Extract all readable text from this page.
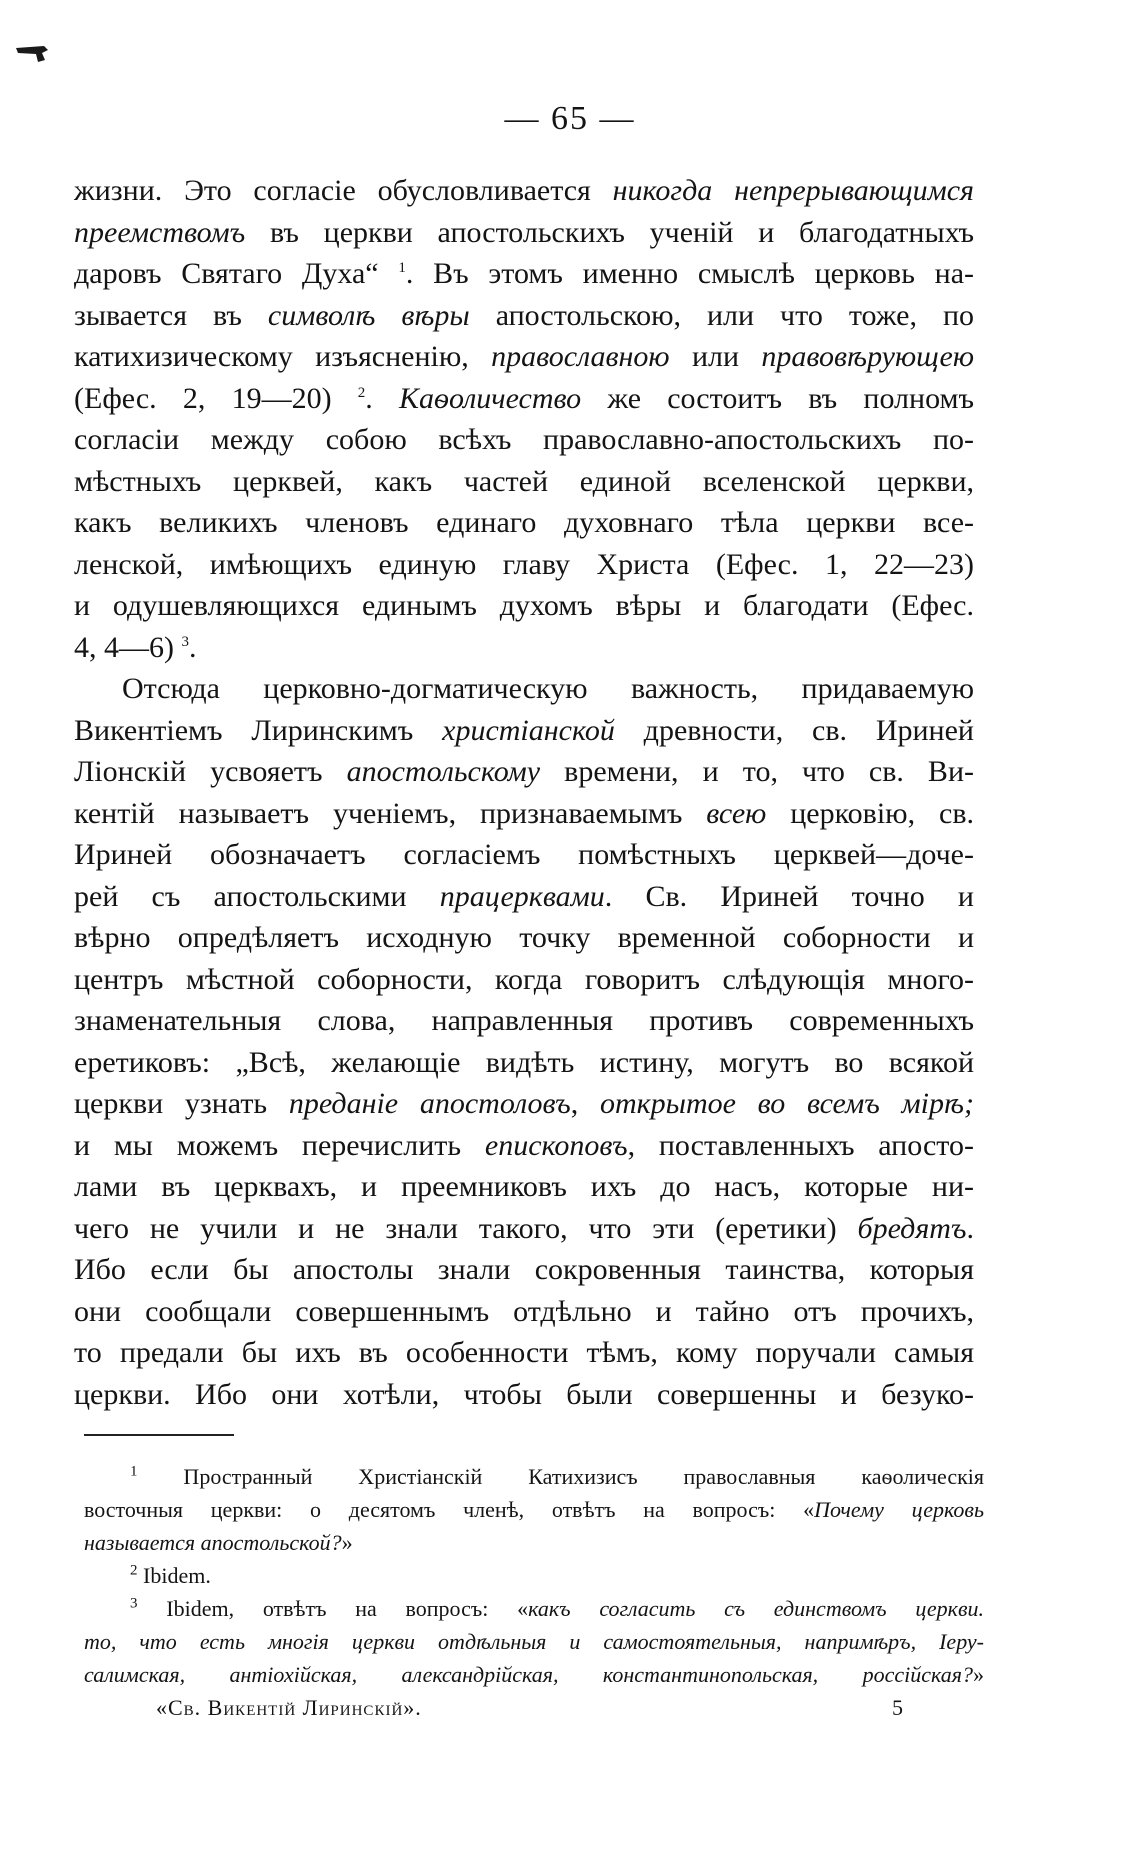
— 65 —
жизни. Это согласіе обусловливается никогда непрерывающимся
преемствомъ въ церкви апостольскихъ ученій и благодатныхъ
даровъ Святаго Духа“ $^1$. Въ этомъ именно смыслѣ церковь на-
зывается въ символѣ вѣры апостольскою, или что тоже, по
катихизическому изъясненію, православною или правовѣрующею
(Ефес. 2, 19—20) $^2$. Каѳоличество же состоитъ въ полномъ
согласіи между собою всѣхъ православно-апостольскихъ по-
мѣстныхъ церквей, какъ частей единой вселенской церкви,
какъ великихъ членовъ единаго духовнаго тѣла церкви все-
ленской, имѣющихъ единую главу Христа (Ефес. 1, 22—23)
и одушевляющихся единымъ духомъ вѣры и благодати (Ефес.
4, 4—6) $^3$.
Отсюда церковно-догматическую важность, придаваемую
Викентіемъ Лиринскимъ христіанской древности, св. Ириней
Ліонскій усвояетъ апостольскому времени, и то, что св. Ви-
кентій называетъ ученіемъ, признаваемымъ всею церковію, св.
Ириней обозначаетъ согласіемъ помѣстныхъ церквей—доче-
рей съ апостольскими працерквами. Св. Ириней точно и
вѣрно опредѣляетъ исходную точку временной соборности и
центръ мѣстной соборности, когда говоритъ слѣдующія много-
знаменательныя слова, направленныя противъ современныхъ
еретиковъ: „Всѣ, желающіе видѣть истину, могутъ во всякой
церкви узнать преданіе апостоловъ, открытое во всемъ мірѣ;
и мы можемъ перечислить епископовъ, поставленныхъ апосто-
лами въ церквахъ, и преемниковъ ихъ до насъ, которые ни-
чего не учили и не знали такого, что эти (еретики) бредятъ.
Ибо если бы апостолы знали сокровенныя таинства, которыя
они сообщали совершеннымъ отдѣльно и тайно отъ прочихъ,
то предали бы ихъ въ особенности тѣмъ, кому поручали самыя
церкви. Ибо они хотѣли, чтобы были совершенны и безуко-
$^1$ Пространный Христіанскій Катихизисъ православныя каѳолическія
восточныя церкви: о десятомъ членѣ, отвѣтъ на вопросъ: «Почему церковь
называется апостольской?»
$^2$ Ibidem.
$^3$ Ibidem, отвѣтъ на вопросъ: «какъ согласить съ единствомъ церкви.
то, что есть многія церкви отдѣльныя и самостоятельныя, напримѣръ, Іеру-
салимская, антіохійская, александрійская, константинопольская, россійская?»
«Св. Викентій Лиринскій».	5
